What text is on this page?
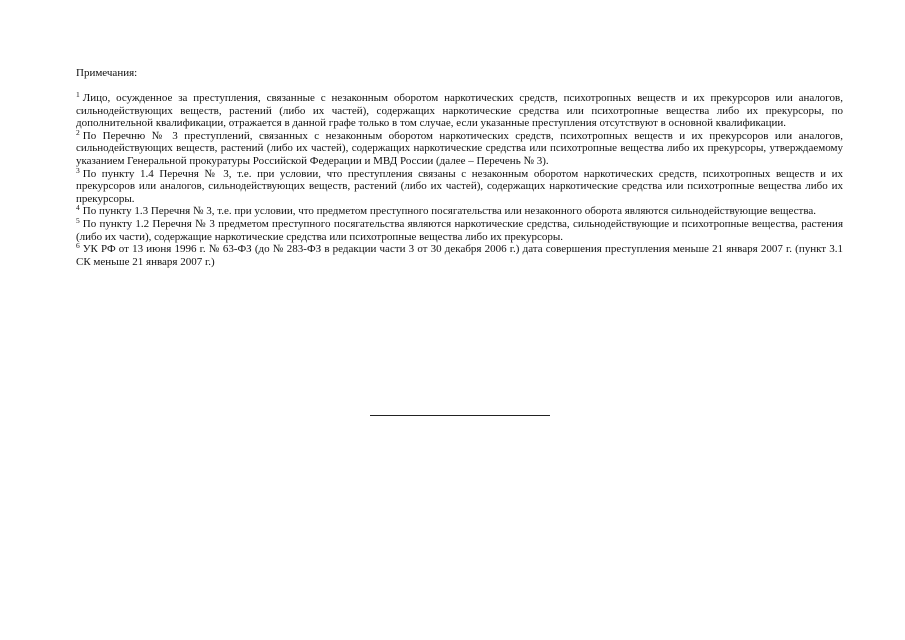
Примечания:

$^1$ Лицо, осужденное за преступления, связанные с незаконным оборотом наркотических средств, психотропных веществ и их прекурсоров или аналогов, сильнодействующих веществ, растений (либо их частей), содержащих наркотические средства или психотропные вещества либо их прекурсоры, по дополнительной квалификации, отражается в данной графе только в том случае, если указанные преступления отсутствуют в основной квалификации.

$^2$ По Перечню № 3 преступлений, связанных с незаконным оборотом наркотических средств, психотропных веществ и их прекурсоров или аналогов, сильнодействующих веществ, растений (либо их частей), содержащих наркотические средства или психотропные вещества либо их прекурсоры, утверждаемому указанием Генеральной прокуратуры Российской Федерации и МВД России (далее – Перечень № 3).

$^3$ По пункту 1.4 Перечня № 3, т.е. при условии, что преступления связаны с незаконным оборотом наркотических средств, психотропных веществ и их прекурсоров или аналогов, сильнодействующих веществ, растений (либо их частей), содержащих наркотические средства или психотропные вещества либо их прекурсоры.

$^4$ По пункту 1.3 Перечня № 3, т.е. при условии, что предметом преступного посягательства или незаконного оборота являются сильнодействующие вещества.

$^5$ По пункту 1.2 Перечня № 3 предметом преступного посягательства являются наркотические средства, сильнодействующие и психотропные вещества, растения (либо их части), содержащие наркотические средства или психотропные вещества либо их прекурсоры.

$^6$ УК РФ от 13 июня 1996 г. № 63-ФЗ (до № 283-ФЗ в редакции части 3 от 30 декабря 2006 г.) дата совершения преступления меньше 21 января 2007 г. (пункт 3.1 СК меньше 21 января 2007 г.)
